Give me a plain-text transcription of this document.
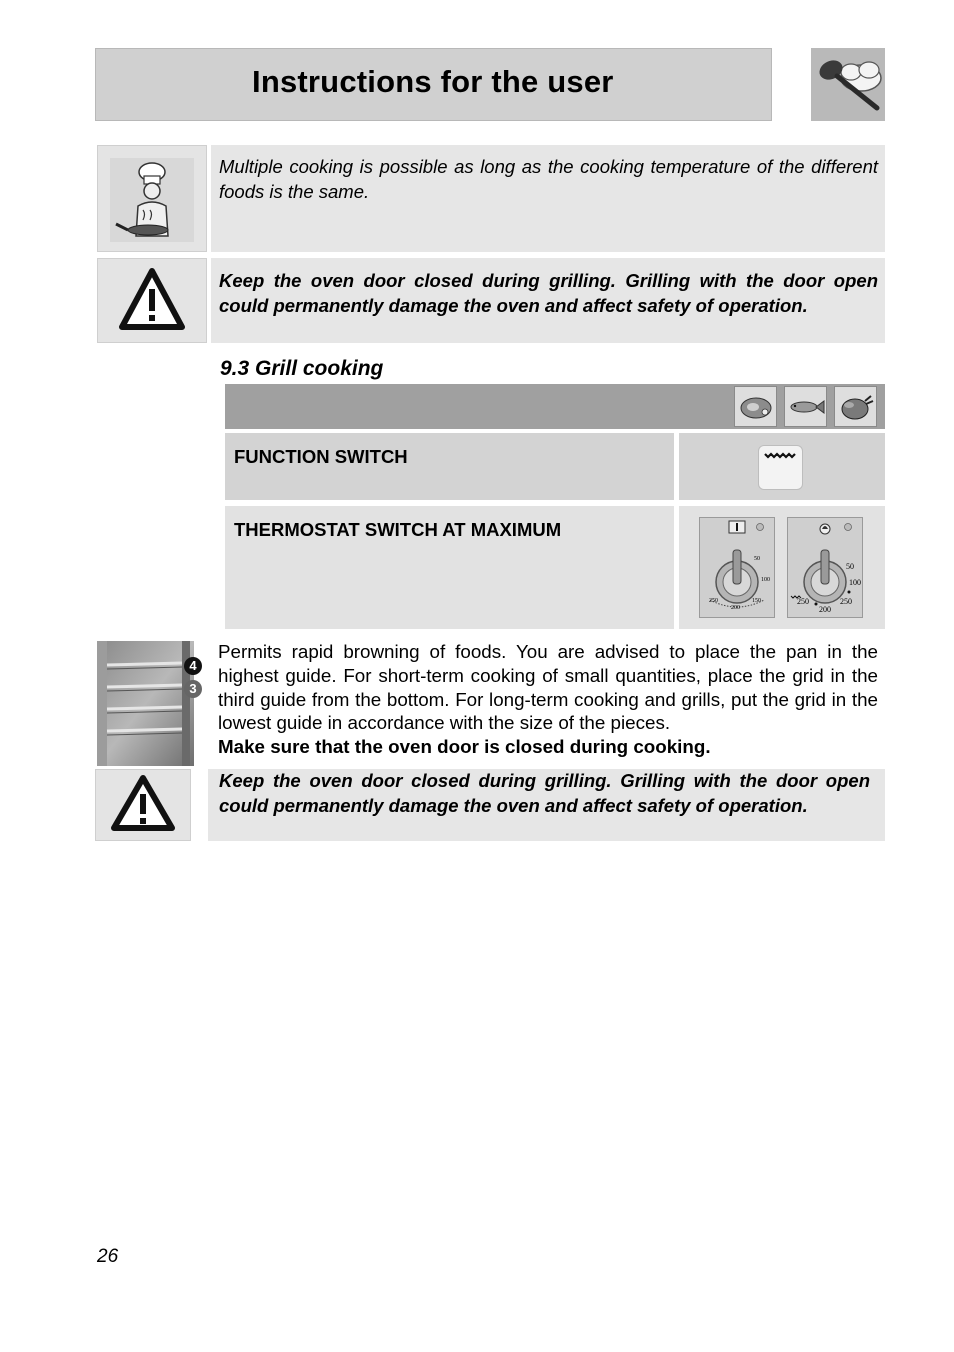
Instructions for the user
Multiple cooking is possible as long as the cooking temperature of the different foods is the same.
Keep the oven door closed during grilling. Grilling with the door open could permanently damage the oven and affect safety of operation.
9.3 Grill cooking
FUNCTION SWITCH
THERMOSTAT SWITCH AT MAXIMUM
50
100
150
200
250
50
100
200
250
250
4
3
Permits rapid browning of foods. You are advised to place the pan in the highest guide. For short-term cooking of small quantities, place the grid in the third guide from the bottom. For long-term cooking and grills, put the grid in the lowest guide in accordance with the size of the pieces.
Make sure that the oven door is closed during cooking.
Keep the oven door closed during grilling. Grilling with the door open could permanently damage the oven and affect safety of operation.
26
